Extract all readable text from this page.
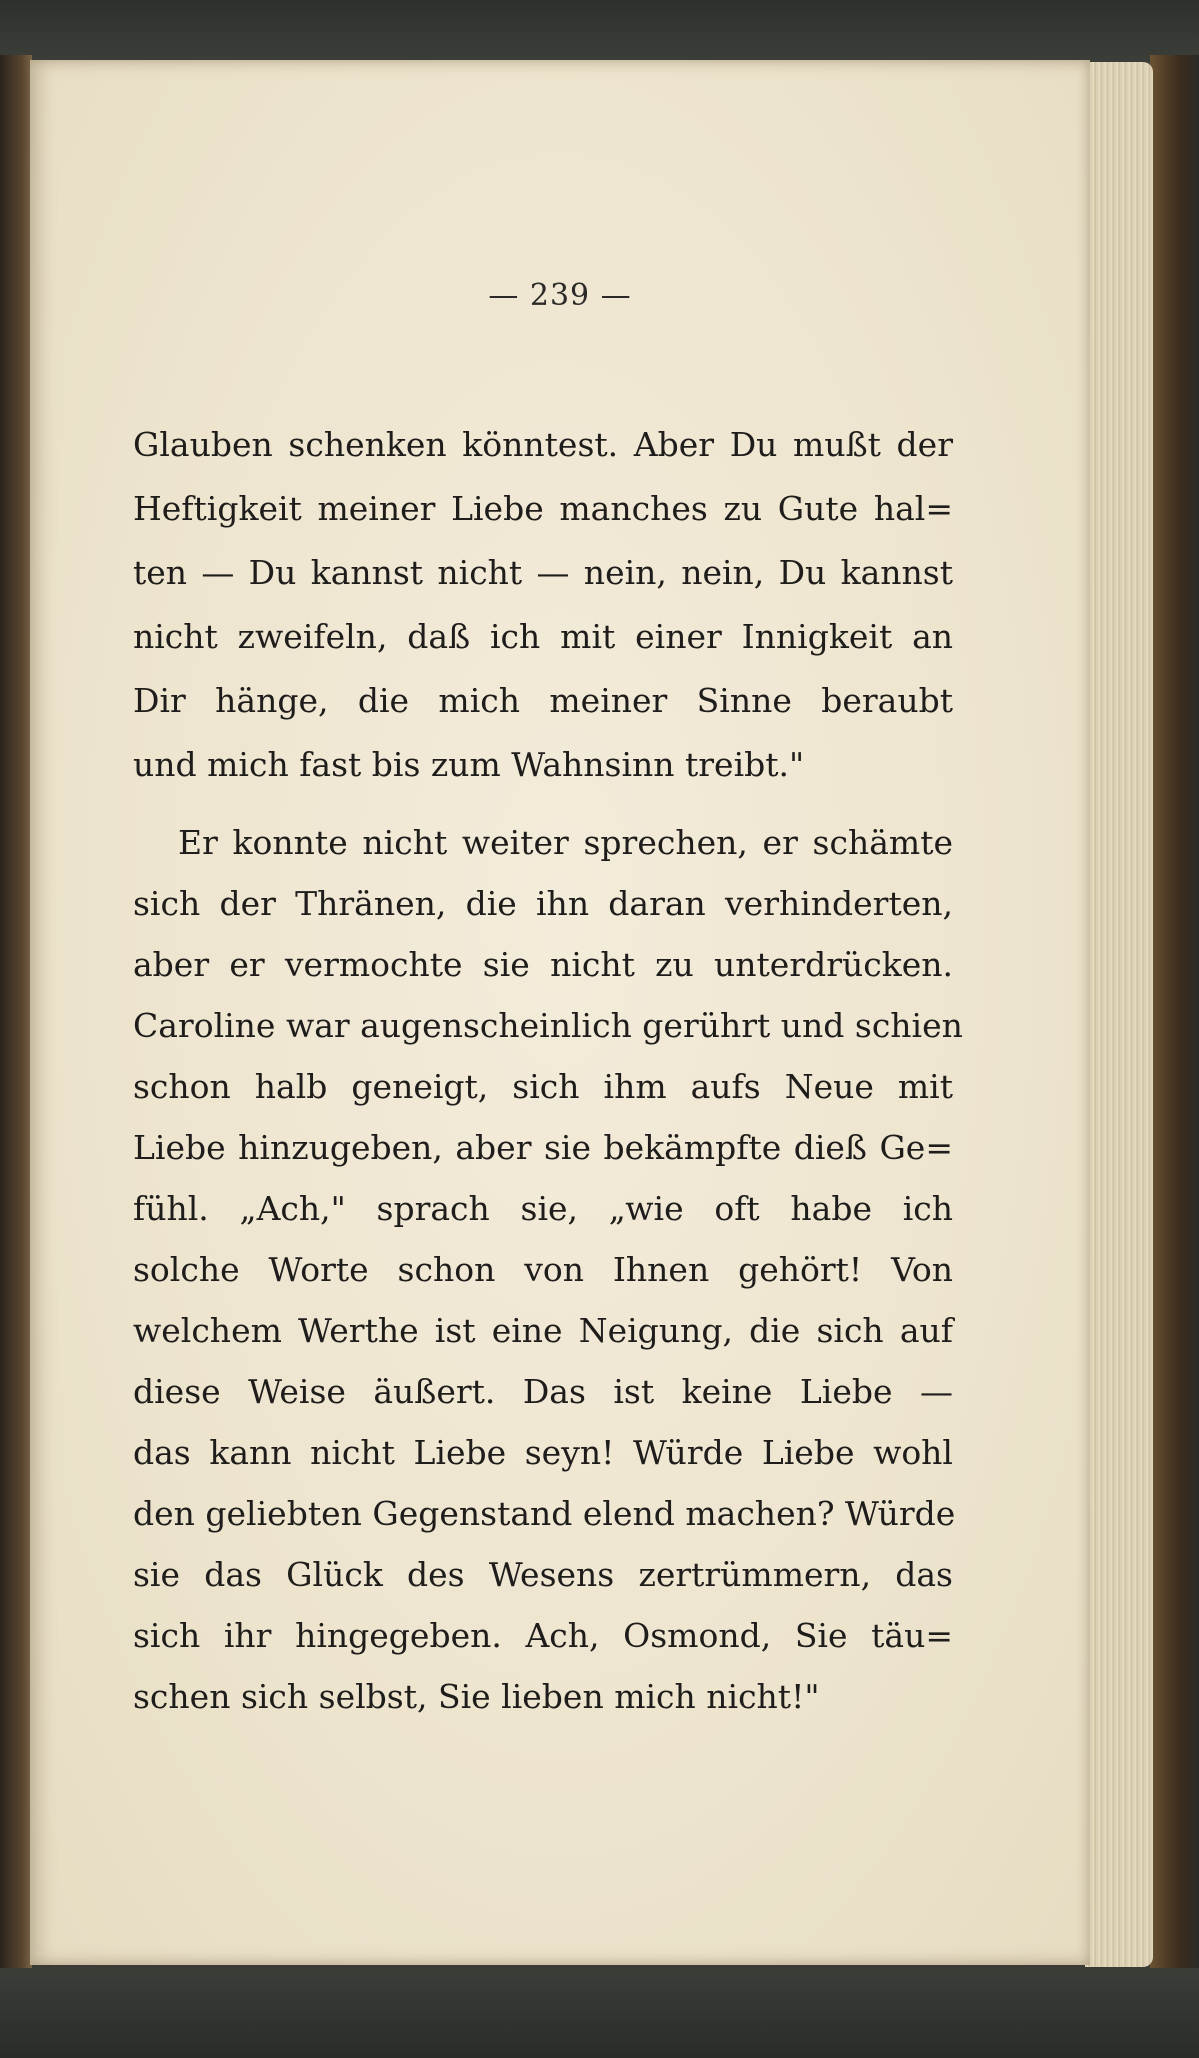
— 239 —
Glauben schenken könntest. Aber Du mußt der
Heftigkeit meiner Liebe manches zu Gute hal=
ten — Du kannst nicht — nein, nein, Du kannst
nicht zweifeln, daß ich mit einer Innigkeit an
Dir hänge, die mich meiner Sinne beraubt
und mich fast bis zum Wahnsinn treibt."
Er konnte nicht weiter sprechen, er schämte
sich der Thränen, die ihn daran verhinderten,
aber er vermochte sie nicht zu unterdrücken.
Caroline war augenscheinlich gerührt und schien
schon halb geneigt, sich ihm aufs Neue mit
Liebe hinzugeben, aber sie bekämpfte dieß Ge=
fühl. „Ach," sprach sie, „wie oft habe ich
solche Worte schon von Ihnen gehört! Von
welchem Werthe ist eine Neigung, die sich auf
diese Weise äußert. Das ist keine Liebe —
das kann nicht Liebe seyn! Würde Liebe wohl
den geliebten Gegenstand elend machen? Würde
sie das Glück des Wesens zertrümmern, das
sich ihr hingegeben. Ach, Osmond, Sie täu=
schen sich selbst, Sie lieben mich nicht!"
